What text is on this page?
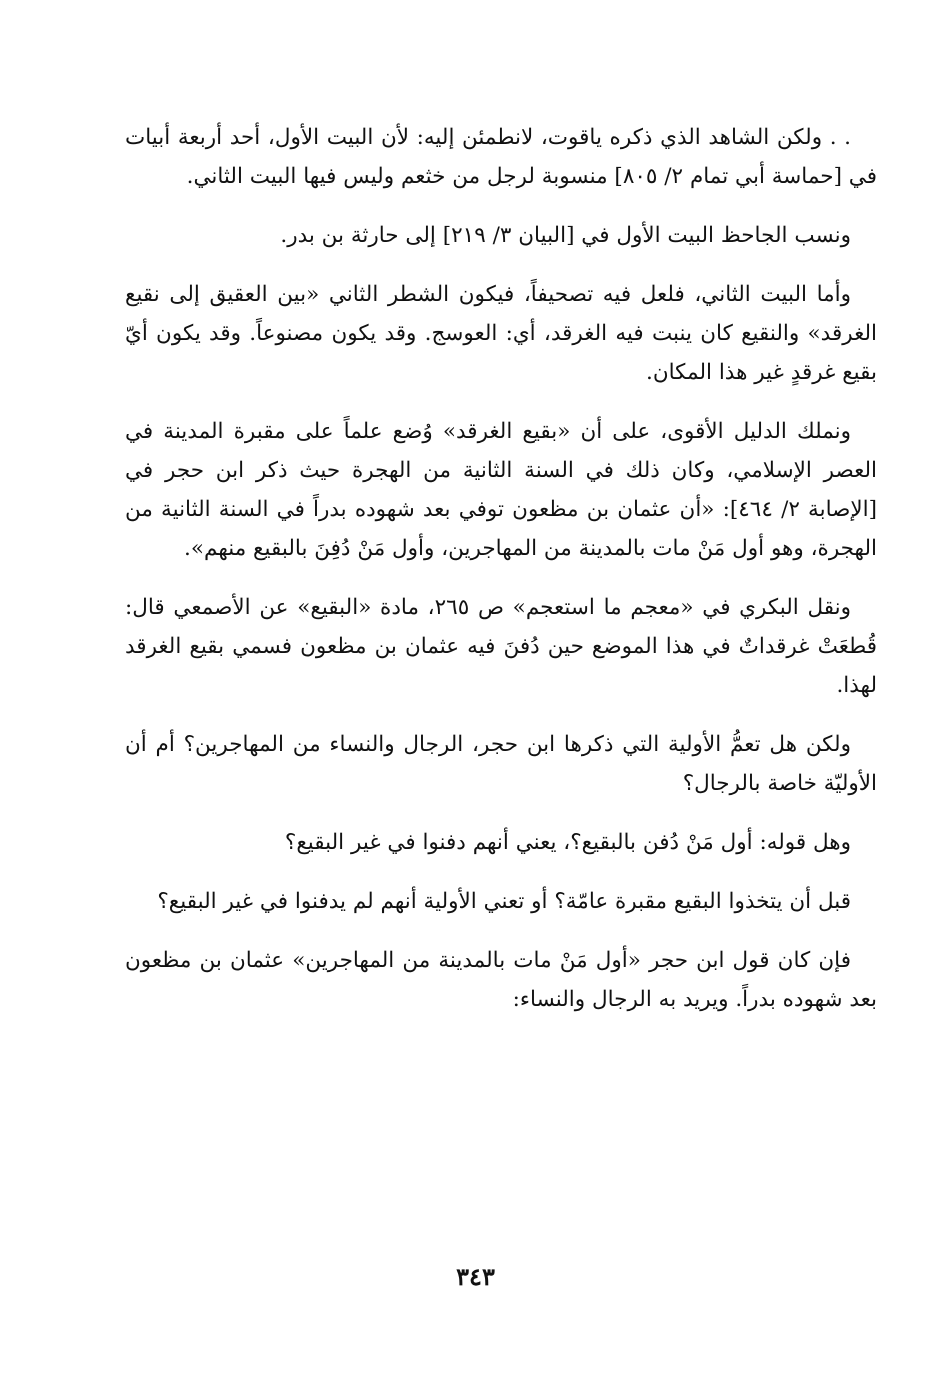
. . ولكن الشاهد الذي ذكره ياقوت، لانطمئن إليه: لأن البيت الأول، أحد أربعة أبيات في [حماسة أبي تمام ٢/ ٨٠٥] منسوبة لرجل من خثعم وليس فيها البيت الثاني.

ونسب الجاحظ البيت الأول في [البيان ٣/ ٢١٩] إلى حارثة بن بدر.

وأما البيت الثاني، فلعل فيه تصحيفاً، فيكون الشطر الثاني «بين العقيق إلى نقيع الغرقد» والنقيع كان ينبت فيه الغرقد، أي: العوسج. وقد يكون مصنوعاً. وقد يكون أيّ بقيع غرقدٍ غير هذا المكان.

ونملك الدليل الأقوى، على أن «بقيع الغرقد» وُضع علماً على مقبرة المدينة في العصر الإسلامي، وكان ذلك في السنة الثانية من الهجرة حيث ذكر ابن حجر في [الإصابة ٢/ ٤٦٤]: «أن عثمان بن مظعون توفي بعد شهوده بدراً في السنة الثانية من الهجرة، وهو أول مَنْ مات بالمدينة من المهاجرين، وأول مَنْ دُفِنَ بالبقيع منهم».

ونقل البكري في «معجم ما استعجم» ص ٢٦٥، مادة «البقيع» عن الأصمعي قال: قُطعَتْ غرقداتٌ في هذا الموضع حين دُفنَ فيه عثمان بن مظعون فسمي بقيع الغرقد لهذا.

ولكن هل تعمُّ الأولية التي ذكرها ابن حجر، الرجال والنساء من المهاجرين؟ أم أن الأوليّة خاصة بالرجال؟

وهل قوله: أول مَنْ دُفن بالبقيع؟، يعني أنهم دفنوا في غير البقيع؟

قبل أن يتخذوا البقيع مقبرة عامّة؟ أو تعني الأولية أنهم لم يدفنوا في غير البقيع؟

فإن كان قول ابن حجر «أول مَنْ مات بالمدينة من المهاجرين» عثمان بن مظعون بعد شهوده بدراً. ويريد به الرجال والنساء:

٣٤٣
